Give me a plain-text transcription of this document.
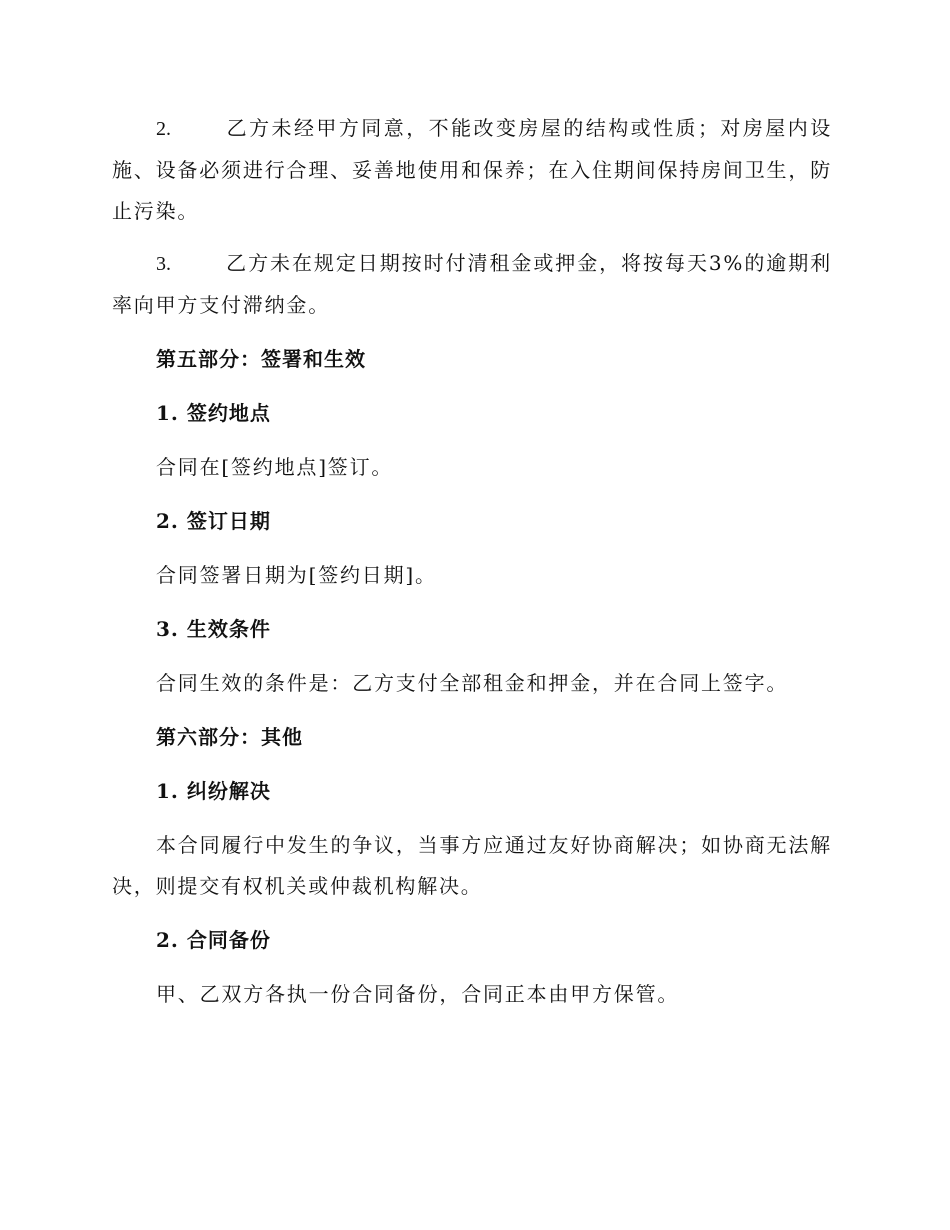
2.	乙方未经甲方同意，不能改变房屋的结构或性质；对房屋内设施、设备必须进行合理、妥善地使用和保养；在入住期间保持房间卫生，防止污染。

3.	乙方未在规定日期按时付清租金或押金，将按每天3%的逾期利率向甲方支付滞纳金。

第五部分：签署和生效
1. 签约地点

合同在[签约地点]签订。

2. 签订日期

合同签署日期为[签约日期]。

3. 生效条件

合同生效的条件是：乙方支付全部租金和押金，并在合同上签字。

第六部分：其他
1. 纠纷解决

本合同履行中发生的争议，当事方应通过友好协商解决；如协商无法解决，则提交有权机关或仲裁机构解决。

2. 合同备份

甲、乙双方各执一份合同备份，合同正本由甲方保管。
